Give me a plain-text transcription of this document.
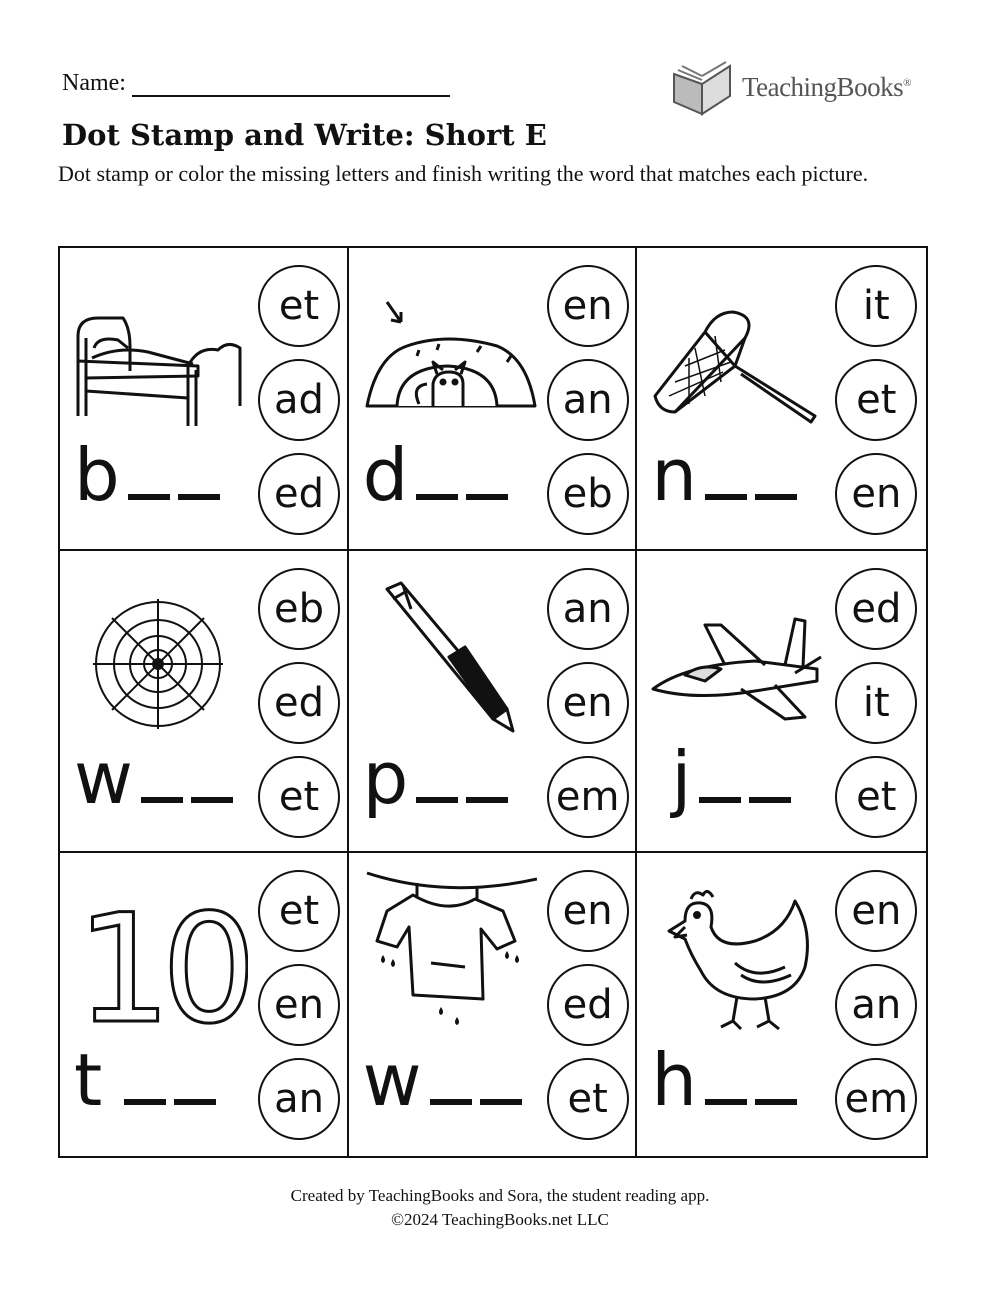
Name:	TeachingBooks®
Dot Stamp and Write: Short E
Dot stamp or color the missing letters and finish writing the word that matches each picture.
b
et
ad
ed d
en
an
eb n
it
et
en
w
eb
ed
et p
an
en
em j
ed
it
et
10
t
et
en
an w
en
ed
et h
en
an
em
Created by TeachingBooks and Sora, the student reading app.
©2024 TeachingBooks.net LLC
